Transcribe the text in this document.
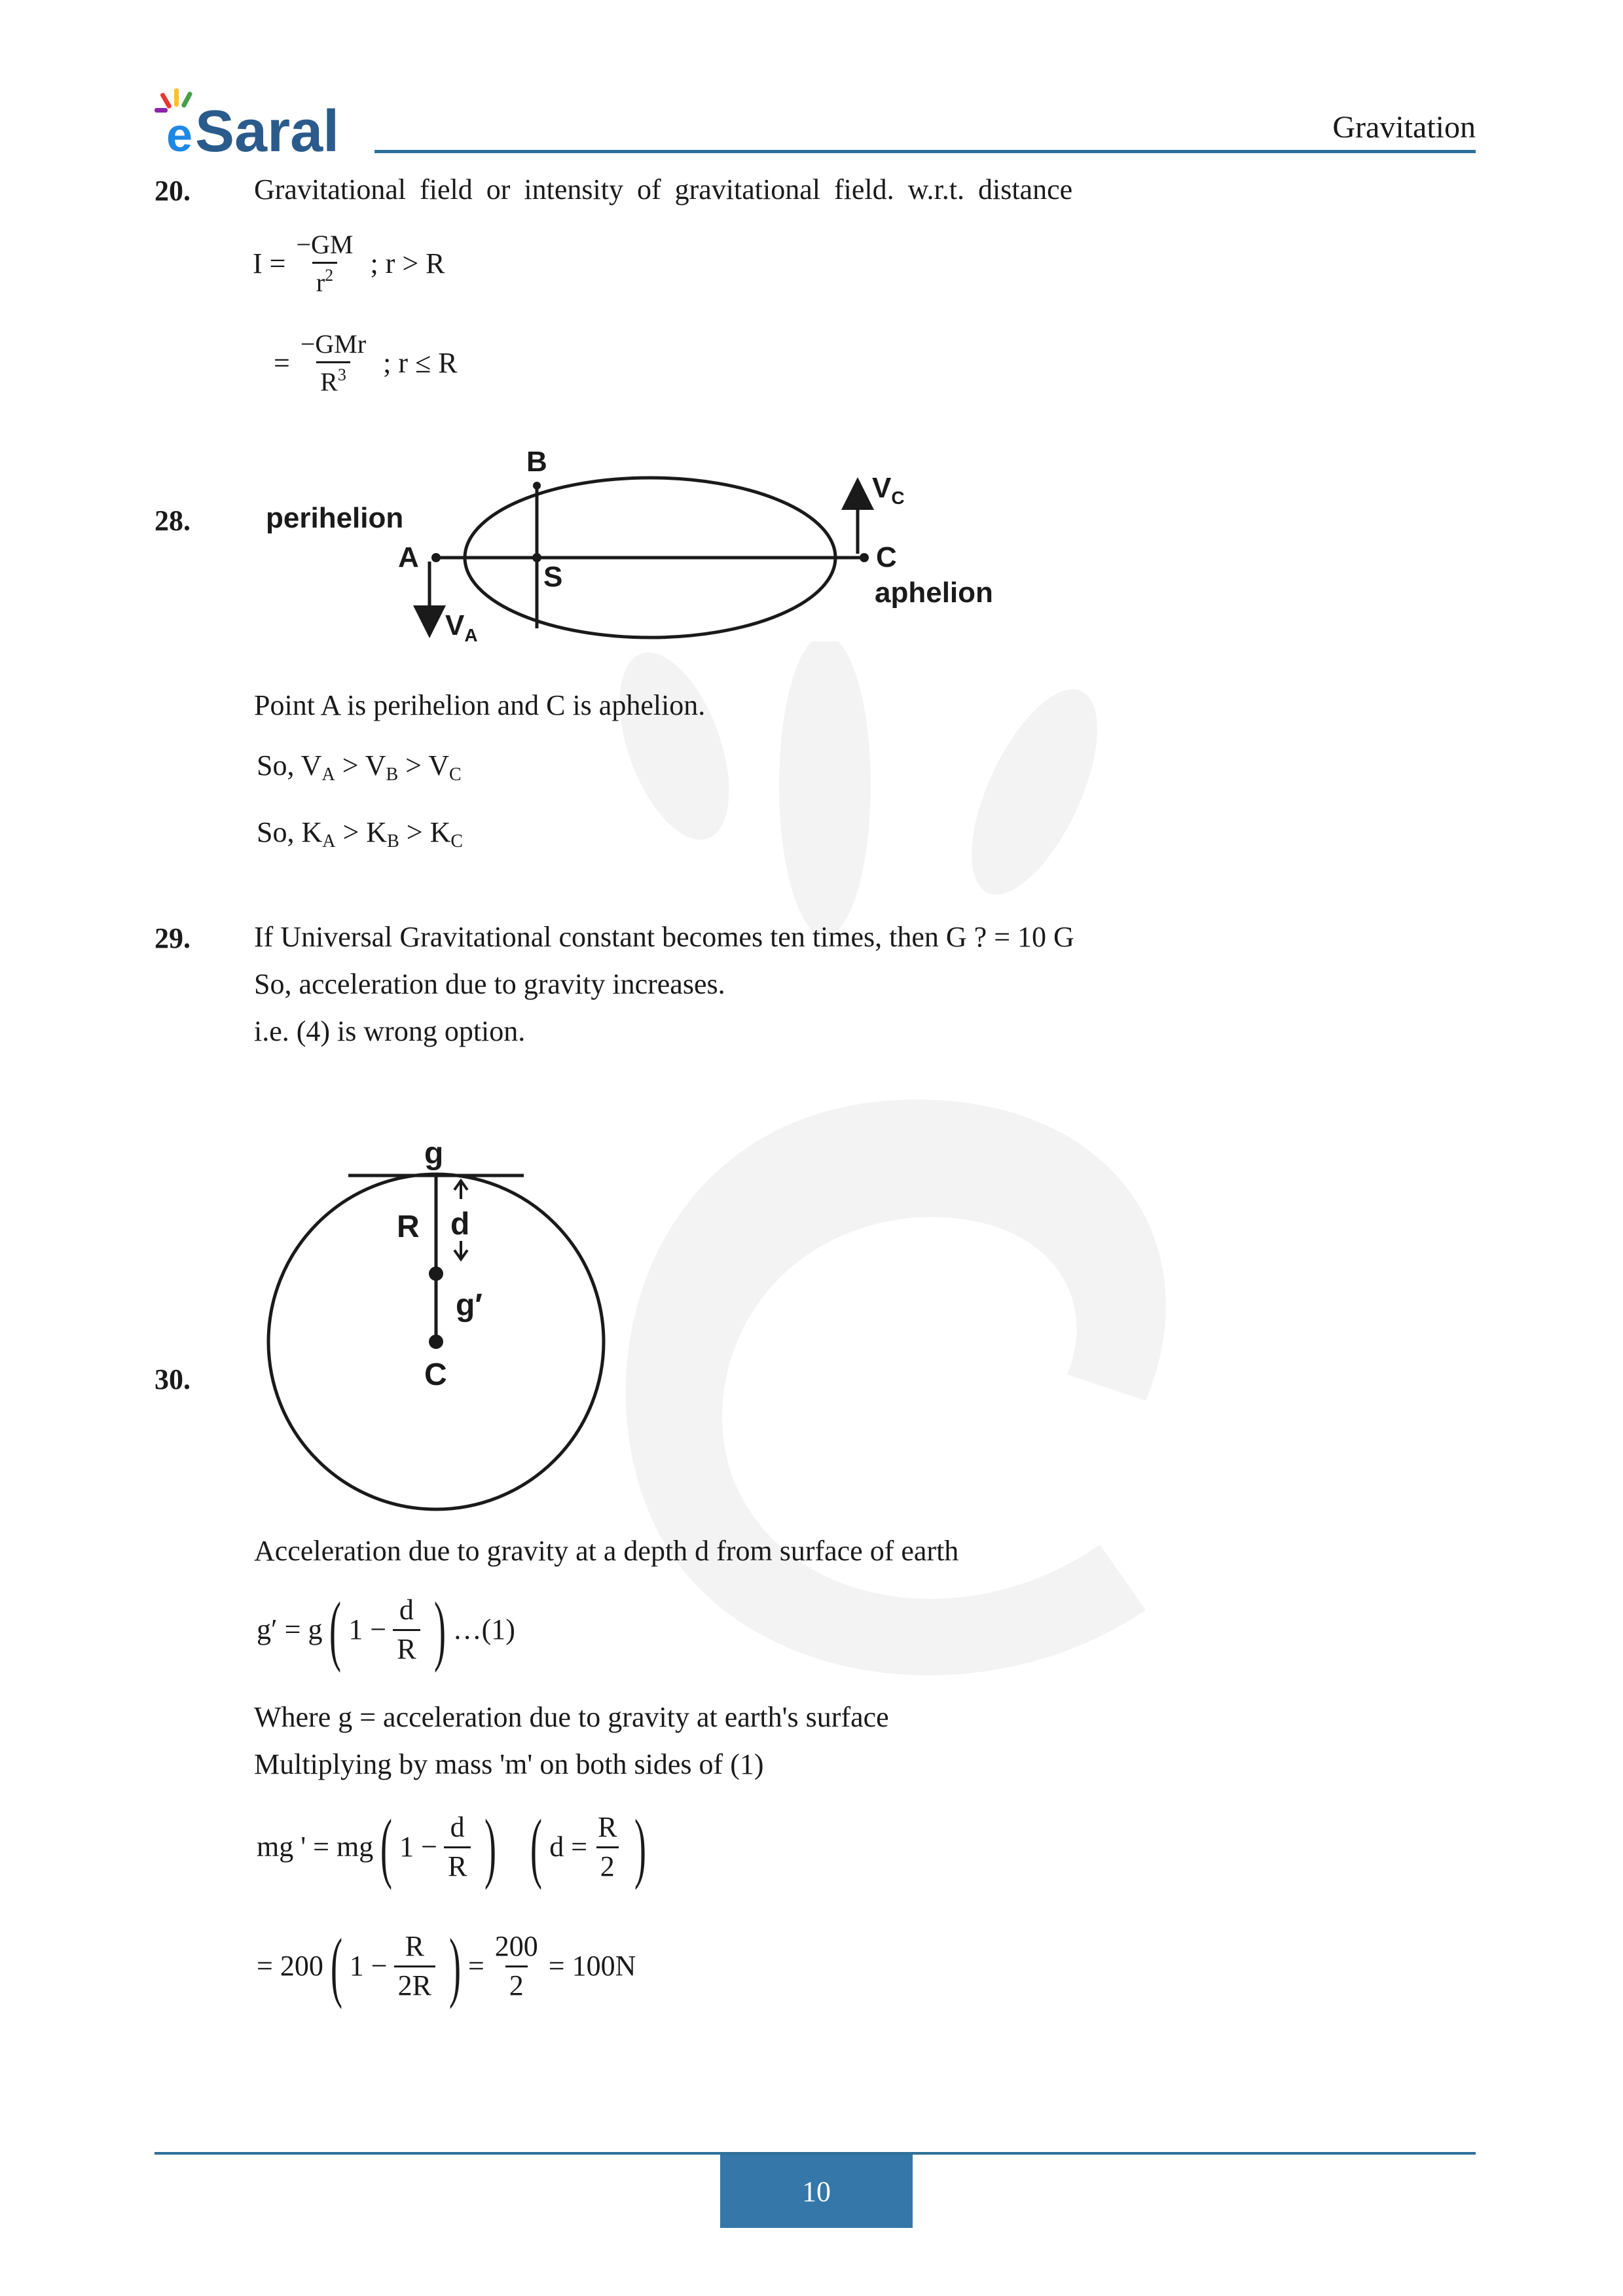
e Saral	Gravitation
20. Gravitational field or intensity of gravitational field. w.r.t. distance
$I = \frac{-GM}{r^2}$ ; r > R
= $\frac{\text{−GMr}}{R^3}$ ; r ≤ R
28.
B
$V_C$
perihelion
A
S
C
aphelion
$V_A$
Point A is perihelion and C is aphelion.
So, $V_A > V_B > V_C$
So, $K_A > K_B > K_C$
29. If Universal Gravitational constant becomes ten times, then G ? = 10 G
So, acceleration due to gravity increases.
i.e. (4) is wrong option.
30.
g
R d
g′
C
Acceleration due to gravity at a depth d from surface of earth
g′ = g ( $1 - \frac{d}{R}$ ) …(1)
Where g = acceleration due to gravity at earth's surface
Multiplying by mass 'm' on both sides of (1)
mg ' = mg ( $1 - \frac{d}{R}$ ) ( $d = \frac{R}{2}$ )
= 200 ( $1 - \frac{R}{2R}$ ) = $\frac{200}{2} = 100N$
10
